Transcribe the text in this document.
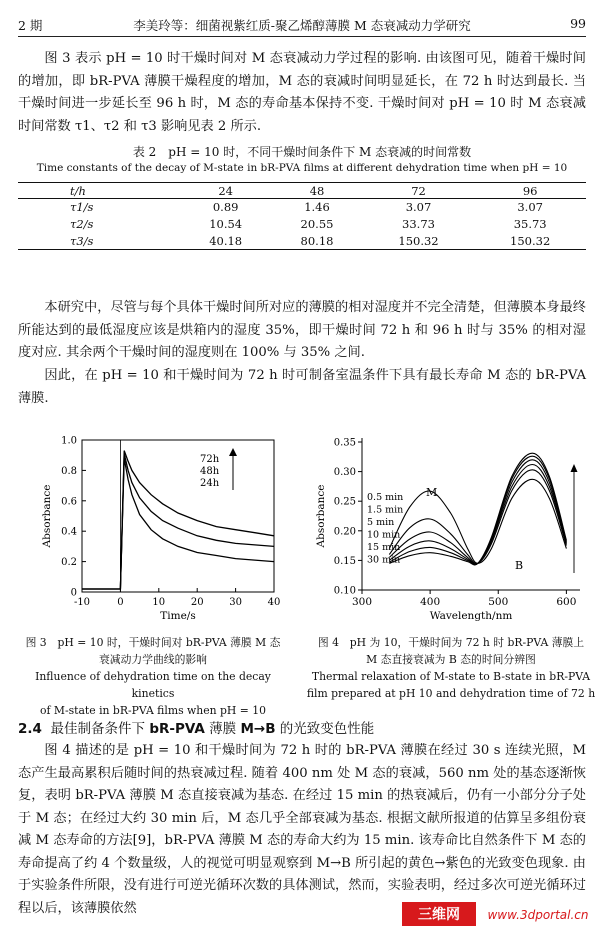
2 期	李美玲等：细菌视紫红质-聚乙烯醇薄膜 M 态衰减动力学研究	99
图 3 表示 pH = 10 时干燥时间对 M 态衰减动力学过程的影响. 由该图可见，随着干燥时间的增加，即 bR-PVA 薄膜干燥程度的增加，M 态的衰减时间明显延长，在 72 h 时达到最长. 当干燥时间进一步延长至 96 h 时，M 态的寿命基本保持不变. 干燥时间对 pH = 10 时 M 态衰减时间常数 τ1、τ2 和 τ3 影响见表 2 所示.
表 2　pH = 10 时，不同干燥时间条件下 M 态衰减的时间常数
Time constants of the decay of M-state in bR-PVA films at different dehydration time when pH = 10
t/h	24	48	72	96
τ1/s	0.89	1.46	3.07	3.07
τ2/s	10.54	20.55	33.73	35.73
τ3/s	40.18	80.18	150.32	150.32
本研究中，尽管与每个具体干燥时间所对应的薄膜的相对湿度并不完全清楚，但薄膜本身最终所能达到的最低湿度应该是烘箱内的湿度 35%，即干燥时间 72 h 和 96 h 时与 35% 的相对湿度对应. 其余两个干燥时间的湿度则在 100% 与 35% 之间.
因此，在 pH = 10 和干燥时间为 72 h 时可制备室温条件下具有最长寿命 M 态的 bR-PVA 薄膜.
-10	0	10	20	30	40
0
0.2
0.4
0.6
0.8
1.0
Time/s
Absorbance
72h
48h
24h
300	400	500	600
0.10
0.15
0.20
0.25
0.30
0.35
Wavelength/nm
Absorbance	0.5 min
1.5 min
5 min
10 min
15 min
30 min
M
B
图 3　pH = 10 时，干燥时间对 bR-PVA 薄膜 M 态
衰减动力学曲线的影响
Influence of dehydration time on the decay kinetics
of M-state in bR-PVA films when pH = 10
图 4　pH 为 10，干燥时间为 72 h 时 bR-PVA 薄膜上
M 态直接衰减为 B 态的时间分辨图
Thermal relaxation of M-state to B-state in bR-PVA
film prepared at pH 10 and dehydration time of 72 h
2.4 最佳制备条件下 bR-PVA 薄膜 M→B 的光致变色性能
图 4 描述的是 pH = 10 和干燥时间为 72 h 时的 bR-PVA 薄膜在经过 30 s 连续光照，M 态产生最高累积后随时间的热衰减过程. 随着 400 nm 处 M 态的衰减，560 nm 处的基态逐渐恢复，表明 bR-PVA 薄膜 M 态直接衰减为基态. 在经过 15 min 的热衰减后，仍有一小部分分子处于 M 态；在经过大约 30 min 后，M 态几乎全部衰减为基态. 根据文献所报道的估算呈多组份衰减 M 态寿命的方法[9]，bR-PVA 薄膜 M 态的寿命大约为 15 min. 该寿命比自然条件下 M 态的寿命提高了约 4 个数量级，人的视觉可明显观察到 M→B 所引起的黄色→紫色的光致变色现象. 由于实验条件所限，没有进行可逆光循环次数的具体测试，然而，实验表明，经过多次可逆光循环过程以后，该薄膜依然	三维网 www.3dportal.cn
